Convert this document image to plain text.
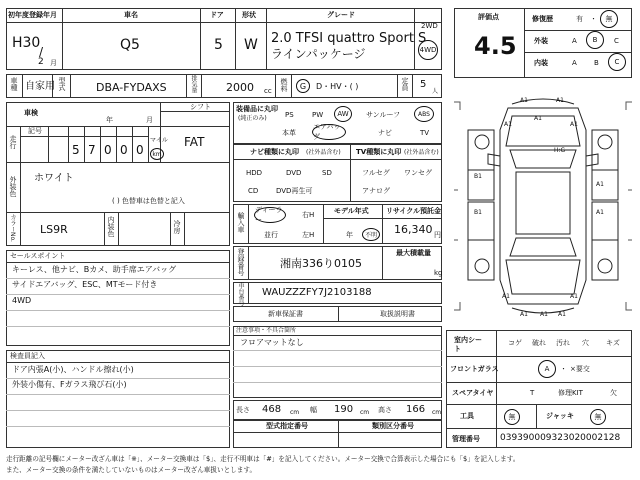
初年度登録年月
H30
/
2 月
車名
Q5
ドア
5
形状
W
グレード
2.0 TFSI quattro Sport S
ラインパッケージ
2WD
4WD
車種 自家用 型式	DBA-FYDAXS	排気量	2000 cc 燃料 G D・HV・( )	定員 5
人
車検
年	月
シフト
FAT
走行
記号
5 7 0 0 0
マイル
km
外装色 ホワイト
( ) 色替車は色替と記入
カラーNo. LS9R	内装色	冷房
セールスポイント
キーレス、他ナビ、Bカメ、助手席エアバッグ
サイドエアバッグ、ESC、MTモード付き
4WD
検査員記入
ドア内張A(小)、ハンドル擦れ(小)
外装小傷有、Fガラス飛び石(小)
装備品に丸印
(純正のみ)	PS	PW AW サンルーフ	ABS
本革
エアバッグ	ナビ	TV
ナビ種類に丸印 (社外品含む)
HDD	DVD	SD
CD	DVD再生可
TV種類に丸印 (社外品含む)
フルセグ ワンセグ
アナログ
輸入車
ディーラー
並行
右H
左H
モデル年式
年 不明
リサイクル預託金
16,340 円
登録番号	湘南336り0105
最大積載量
kg
車台番号 WAUZZZFY7J2103188
新車保証書	取扱説明書
注意事項・不具合箇所
フロアマットなし
長さ 468 cm 幅 190 cm 高さ 166 cm
型式指定番号	類別区分番号
評価点
4.5
修復歴	有 ・ 無
外装	A B C
内装	A B C
A1	A1
A1	A1
B1
A1
B1	A1
A1
H:G
A1	A1
A1 A1 A1
室内シート
コゲ 破れ 汚れ 穴 キズ
フロントガラス	A ・ ×要交
スペアタイヤ	T	修理KIT	欠
工具	無	ジャッキ	無
管理番号 039390009323020002128
走行距離の記号欄にメーター改ざん車は「※」、メーター交換車は「$」、走行不明車は「#」を記入してください。メーター交換で合算表示した場合にも「$」を記入します。
また、メーター交換の条件を満たしていないものはメーター改ざん車扱いとします。
